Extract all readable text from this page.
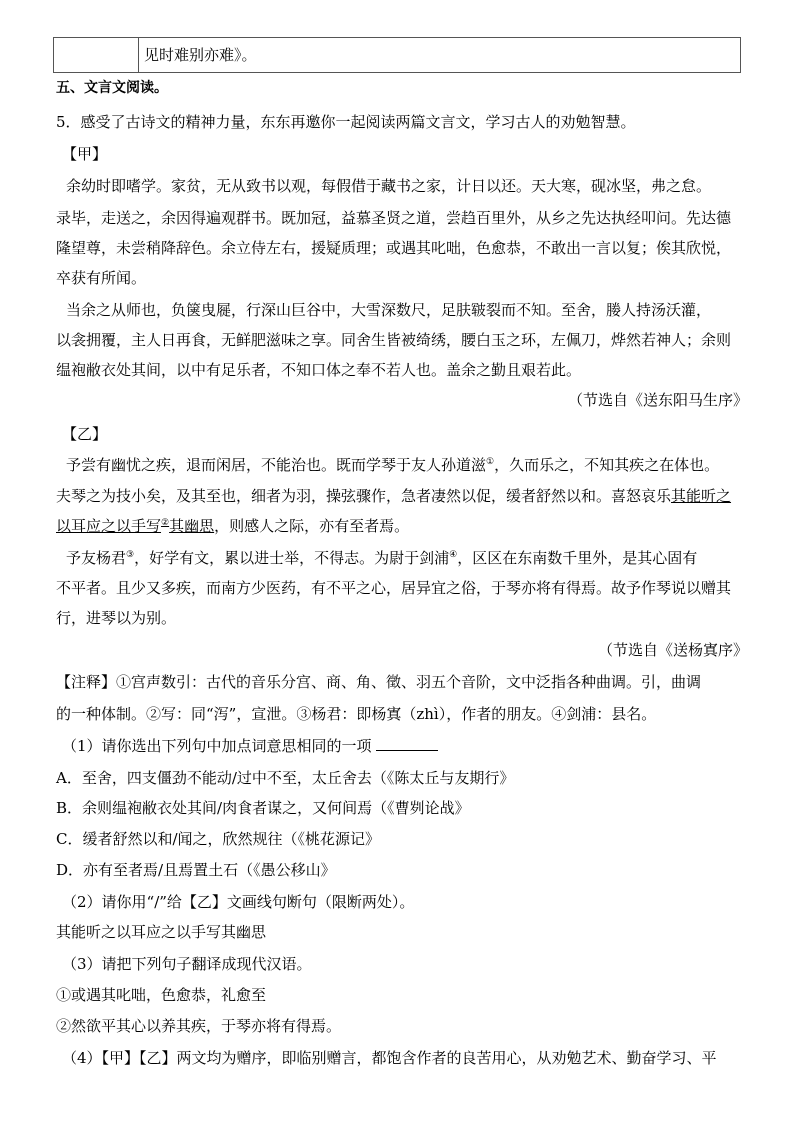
见时难别亦难》。
五、文言文阅读。
5．感受了古诗文的精神力量，东东再邀你一起阅读两篇文言文，学习古人的劝勉智慧。
【甲】
余幼时即嗜学。家贫，无从致书以观，每假借于藏书之家，计日以还。天大寒，砚冰坚，弗之怠。
录毕，走送之，余因得遍观群书。既加冠，益慕圣贤之道，尝趋百里外，从乡之先达执经叩问。先达德
隆望尊，未尝稍降辞色。余立侍左右，援疑质理；或遇其叱咄，色愈恭，不敢出一言以复；俟其欣悦，
卒获有所闻。
当余之从师也，负箧曳屣，行深山巨谷中，大雪深数尺，足肤皲裂而不知。至舍，媵人持汤沃灌，
以衾拥覆，主人日再食，无鲜肥滋味之享。同舍生皆被绮绣，腰白玉之环，左佩刀，烨然若神人；余则
缊袍敝衣处其间，以中有足乐者，不知口体之奉不若人也。盖余之勤且艰若此。
（节选自《送东阳马生序》
【乙】
予尝有幽忧之疾，退而闲居，不能治也。既而学琴于友人孙道滋①，久而乐之，不知其疾之在体也。
夫琴之为技小矣，及其至也，细者为羽，操弦骤作，急者凄然以促，缓者舒然以和。喜怒哀乐其能听之
以耳应之以手写②其幽思，则感人之际，亦有至者焉。
予友杨君③，好学有文，累以进士举，不得志。为尉于剑浦④，区区在东南数千里外，是其心固有
不平者。且少又多疾，而南方少医药，有不平之心，居异宜之俗，于琴亦将有得焉。故予作琴说以赠其
行，进琴以为别。
（节选自《送杨寘序》
【注释】①宫声数引：古代的音乐分宫、商、角、徵、羽五个音阶，文中泛指各种曲调。引，曲调
的一种体制。②写：同“泻”，宣泄。③杨君：即杨寘（zhì），作者的朋友。④剑浦：县名。
（1）请你选出下列句中加点词意思相同的一项
A．至舍，四支僵劲不能动/过中不至，太丘舍去（《陈太丘与友期行》
B．余则缊袍敝衣处其间/肉食者谋之，又何间焉（《曹刿论战》
C．缓者舒然以和/闻之，欣然规往（《桃花源记》
D．亦有至者焉/且焉置土石（《愚公移山》
（2）请你用“/”给【乙】文画线句断句（限断两处）。
其能听之以耳应之以手写其幽思
（3）请把下列句子翻译成现代汉语。
①或遇其叱咄，色愈恭，礼愈至
②然欲平其心以养其疾，于琴亦将有得焉。
（4）【甲】【乙】两文均为赠序，即临别赠言，都饱含作者的良苦用心，从劝勉艺术、勤奋学习、平
